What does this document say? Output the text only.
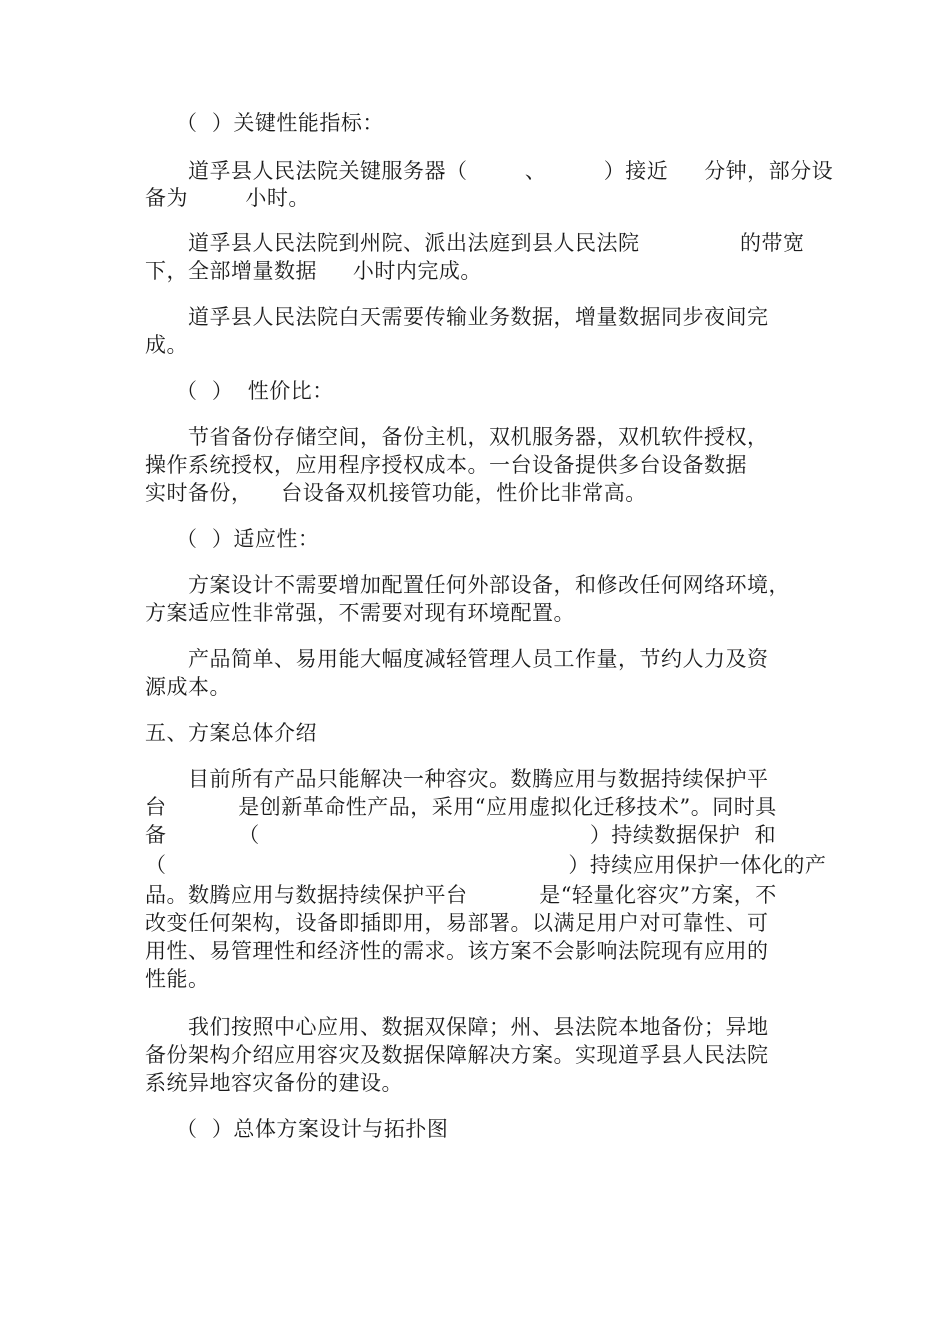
（  ）关键性能指标：
道孚县人民法院关键服务器（        、        ）接近     分钟，部分设
备为        小时。
道孚县人民法院到州院、派出法庭到县人民法院              的带宽
下，全部增量数据     小时内完成。
道孚县人民法院白天需要传输业务数据，增量数据同步夜间完
成。
（  ）  性价比：
节省备份存储空间，备份主机，双机服务器，双机软件授权，
操作系统授权，应用程序授权成本。一台设备提供多台设备数据
实时备份，    台设备双机接管功能，性价比非常高。
（  ）适应性：
方案设计不需要增加配置任何外部设备，和修改任何网络环境，
方案适应性非常强，不需要对现有环境配置。
产品简单、易用能大幅度减轻管理人员工作量，节约人力及资
源成本。
五、方案总体介绍
目前所有产品只能解决一种容灾。数腾应用与数据持续保护平
台          是创新革命性产品，采用“应用虚拟化迁移技术”。同时具
备          （                                              ）持续数据保护  和
（                                                        ）持续应用保护一体化的产
品。数腾应用与数据持续保护平台          是“轻量化容灾”方案，不
改变任何架构，设备即插即用，易部署。以满足用户对可靠性、可
用性、易管理性和经济性的需求。该方案不会影响法院现有应用的
性能。
我们按照中心应用、数据双保障；州、县法院本地备份；异地
备份架构介绍应用容灾及数据保障解决方案。实现道孚县人民法院
系统异地容灾备份的建设。
（  ）总体方案设计与拓扑图
